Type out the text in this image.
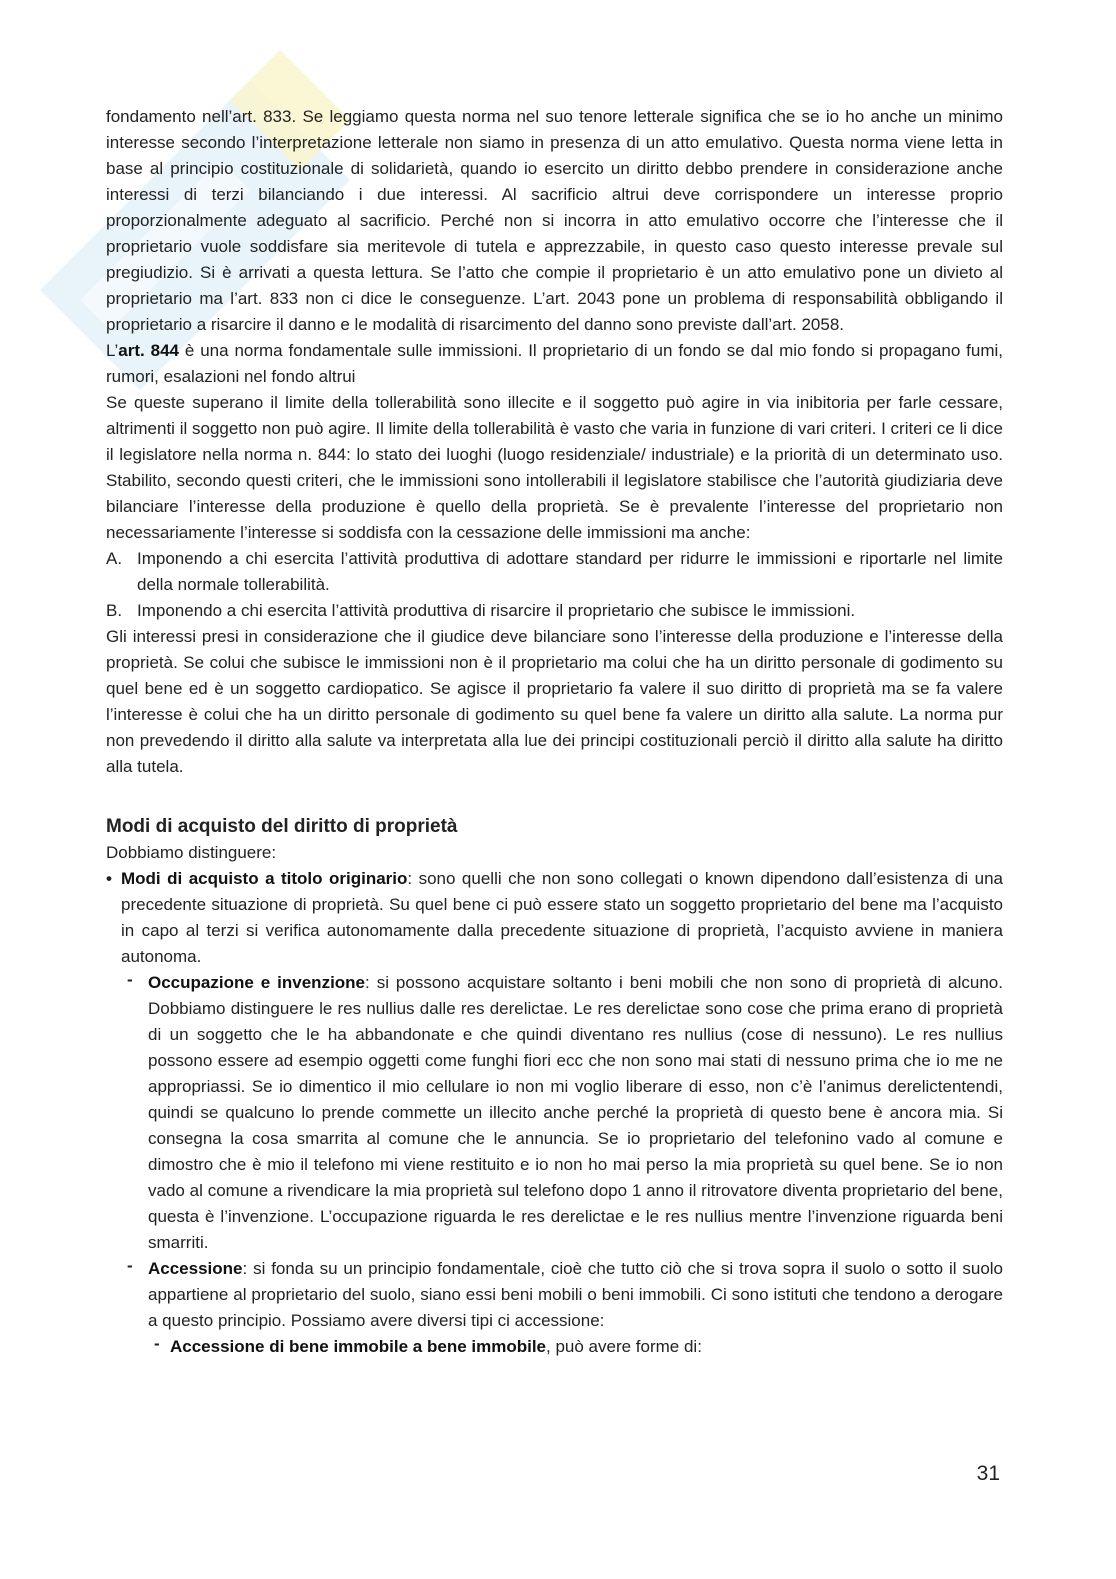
fondamento nell’art. 833. Se leggiamo questa norma nel suo tenore letterale significa che se io ho anche un minimo interesse secondo l’interpretazione letterale non siamo in presenza di un atto emulativo. Questa norma viene letta in base al principio costituzionale di solidarietà, quando io esercito un diritto debbo prendere in considerazione anche interessi di terzi bilanciando i due interessi. Al sacrificio altrui deve corrispondere un interesse proprio proporzionalmente adeguato al sacrificio. Perché non si incorra in atto emulativo occorre che l’interesse che il proprietario vuole soddisfare sia meritevole di tutela e apprezzabile, in questo caso questo interesse prevale sul pregiudizio. Si è arrivati a questa lettura. Se l’atto che compie il proprietario è un atto emulativo pone un divieto al proprietario ma l’art. 833 non ci dice le conseguenze. L’art. 2043 pone un problema di responsabilità obbligando il proprietario a risarcire il danno e le modalità di risarcimento del danno sono previste dall’art. 2058.

L’art. 844 è una norma fondamentale sulle immissioni. Il proprietario di un fondo se dal mio fondo si propagano fumi, rumori, esalazioni nel fondo altrui

Se queste superano il limite della tollerabilità sono illecite e il soggetto può agire in via inibitoria per farle cessare, altrimenti il soggetto non può agire. Il limite della tollerabilità è vasto che varia in funzione di vari criteri. I criteri ce li dice il legislatore nella norma n. 844: lo stato dei luoghi (luogo residenziale/ industriale) e la priorità di un determinato uso. Stabilito, secondo questi criteri, che le immissioni sono intollerabili il legislatore stabilisce che l’autorità giudiziaria deve bilanciare l’interesse della produzione è quello della proprietà. Se è prevalente l’interesse del proprietario non necessariamente l’interesse si soddisfa con la cessazione delle immissioni ma anche:

A. Imponendo a chi esercita l’attività produttiva di adottare standard per ridurre le immissioni e riportarle nel limite della normale tollerabilità.
B. Imponendo a chi esercita l’attività produttiva di risarcire il proprietario che subisce le immissioni.

Gli interessi presi in considerazione che il giudice deve bilanciare sono l’interesse della produzione e l’interesse della proprietà. Se colui che subisce le immissioni non è il proprietario ma colui che ha un diritto personale di godimento su quel bene ed è un soggetto cardiopatico. Se agisce il proprietario fa valere il suo diritto di proprietà ma se fa valere l’interesse è colui che ha un diritto personale di godimento su quel bene fa valere un diritto alla salute. La norma pur non prevedendo il diritto alla salute va interpretata alla lue dei principi costituzionali perciò il diritto alla salute ha diritto alla tutela.

Modi di acquisto del diritto di proprietà

Dobbiamo distinguere:

• Modi di acquisto a titolo originario: sono quelli che non sono collegati o known dipendono dall’esistenza di una precedente situazione di proprietà. Su quel bene ci può essere stato un soggetto proprietario del bene ma l’acquisto in capo al terzi si verifica autonomamente dalla precedente situazione di proprietà, l’acquisto avviene in maniera autonoma.
- Occupazione e invenzione: si possono acquistare soltanto i beni mobili che non sono di proprietà di alcuno. Dobbiamo distinguere le res nullius dalle res derelictae. Le res derelictae sono cose che prima erano di proprietà di un soggetto che le ha abbandonate e che quindi diventano res nullius (cose di nessuno). Le res nullius possono essere ad esempio oggetti come funghi fiori ecc che non sono mai stati di nessuno prima che io me ne appropriassi. Se io dimentico il mio cellulare io non mi voglio liberare di esso, non c’è l’animus derelictentendi, quindi se qualcuno lo prende commette un illecito anche perché la proprietà di questo bene è ancora mia. Si consegna la cosa smarrita al comune che le annuncia. Se io proprietario del telefonino vado al comune e dimostro che è mio il telefono mi viene restituito e io non ho mai perso la mia proprietà su quel bene. Se io non vado al comune a rivendicare la mia proprietà sul telefono dopo 1 anno il ritrovatore diventa proprietario del bene, questa è l’invenzione. L’occupazione riguarda le res derelictae e le res nullius mentre l’invenzione riguarda beni smarriti.
- Accessione: si fonda su un principio fondamentale, cioè che tutto ciò che si trova sopra il suolo o sotto il suolo appartiene al proprietario del suolo, siano essi beni mobili o beni immobili. Ci sono istituti che tendono a derogare a questo principio. Possiamo avere diversi tipi ci accessione:
- Accessione di bene immobile a bene immobile, può avere forme di:
31
